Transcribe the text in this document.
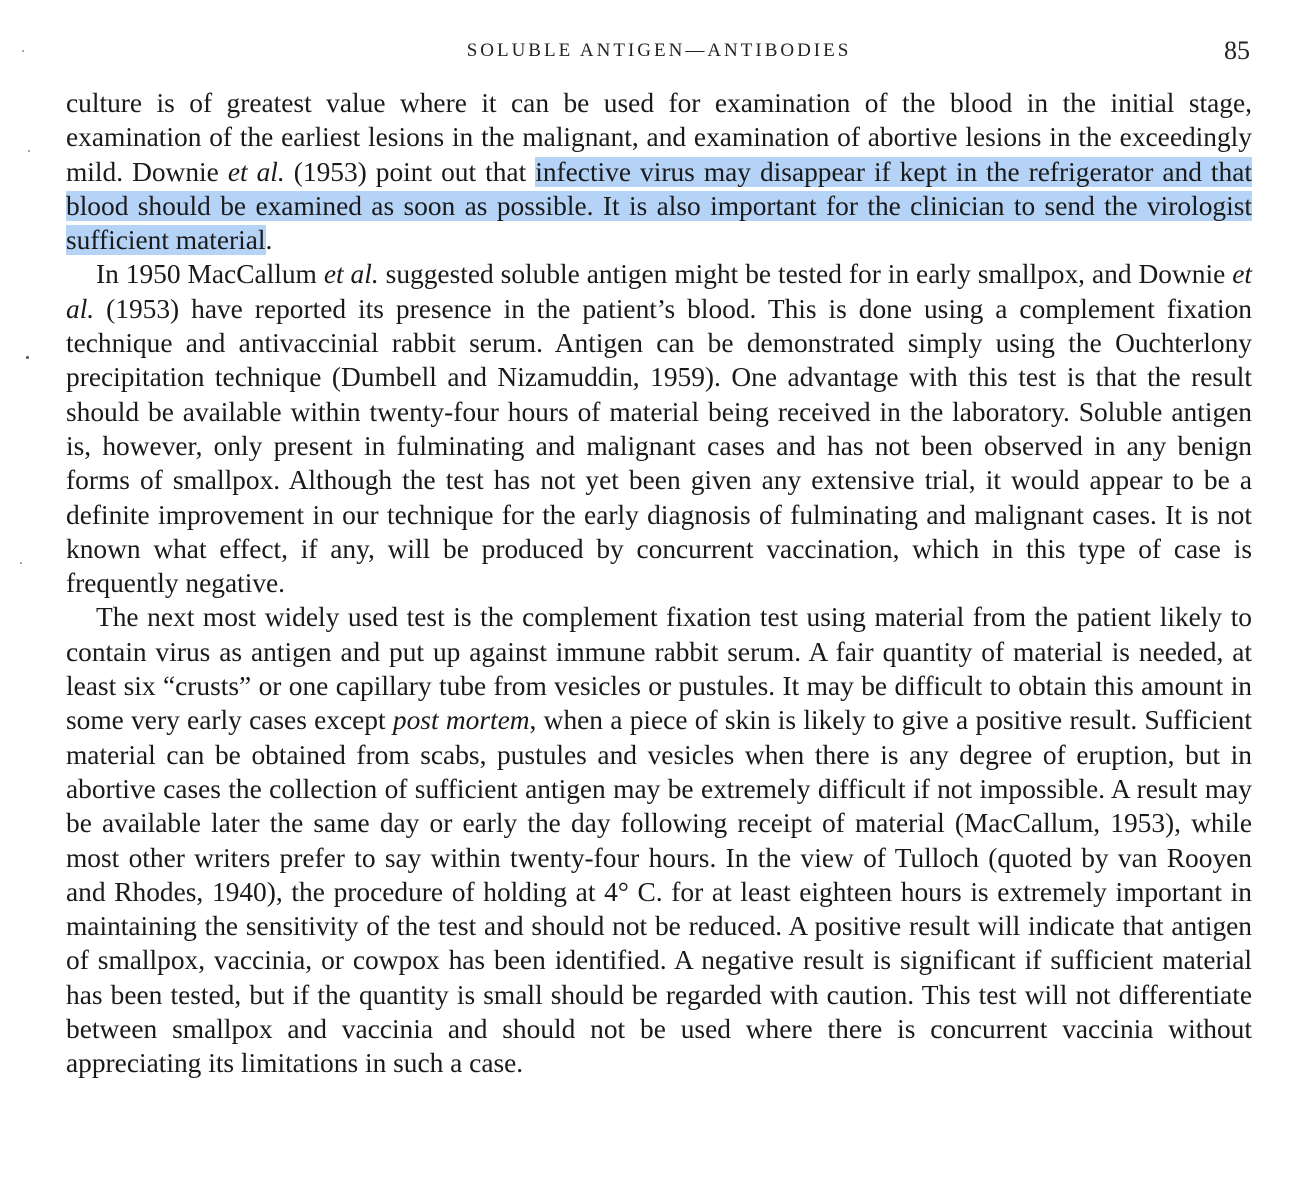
SOLUBLE ANTIGEN—ANTIBODIES	85

culture is of greatest value where it can be used for examination of the blood in the initial stage, examination of the earliest lesions in the malignant, and examination of abortive lesions in the exceedingly mild. Downie et al. (1953) point out that infective virus may disappear if kept in the refrigerator and that blood should be examined as soon as possible. It is also important for the clinician to send the virologist sufficient material.

In 1950 MacCallum et al. suggested soluble antigen might be tested for in early smallpox, and Downie et al. (1953) have reported its presence in the patient’s blood. This is done using a complement fixation technique and antivaccinial rabbit serum. Antigen can be demonstrated simply using the Ouchterlony precipitation technique (Dumbell and Nizamuddin, 1959). One advantage with this test is that the result should be available within twenty-four hours of material being received in the laboratory. Soluble antigen is, however, only present in fulminating and malignant cases and has not been observed in any benign forms of smallpox. Although the test has not yet been given any extensive trial, it would appear to be a definite improvement in our technique for the early diagnosis of fulminating and malignant cases. It is not known what effect, if any, will be produced by concurrent vaccination, which in this type of case is frequently negative.

The next most widely used test is the complement fixation test using material from the patient likely to contain virus as antigen and put up against immune rabbit serum. A fair quantity of material is needed, at least six “crusts” or one capillary tube from vesicles or pustules. It may be difficult to obtain this amount in some very early cases except post mortem, when a piece of skin is likely to give a positive result. Sufficient material can be obtained from scabs, pustules and vesicles when there is any degree of eruption, but in abortive cases the collection of sufficient antigen may be extremely difficult if not impossible. A result may be available later the same day or early the day following receipt of material (MacCallum, 1953), while most other writers prefer to say within twenty-four hours. In the view of Tulloch (quoted by van Rooyen and Rhodes, 1940), the procedure of holding at 4° C. for at least eighteen hours is extremely important in maintaining the sensitivity of the test and should not be reduced. A positive result will indicate that antigen of smallpox, vaccinia, or cowpox has been identified. A negative result is significant if sufficient material has been tested, but if the quantity is small should be regarded with caution. This test will not differentiate between smallpox and vaccinia and should not be used where there is concurrent vaccinia without appreciating its limitations in such a case.
